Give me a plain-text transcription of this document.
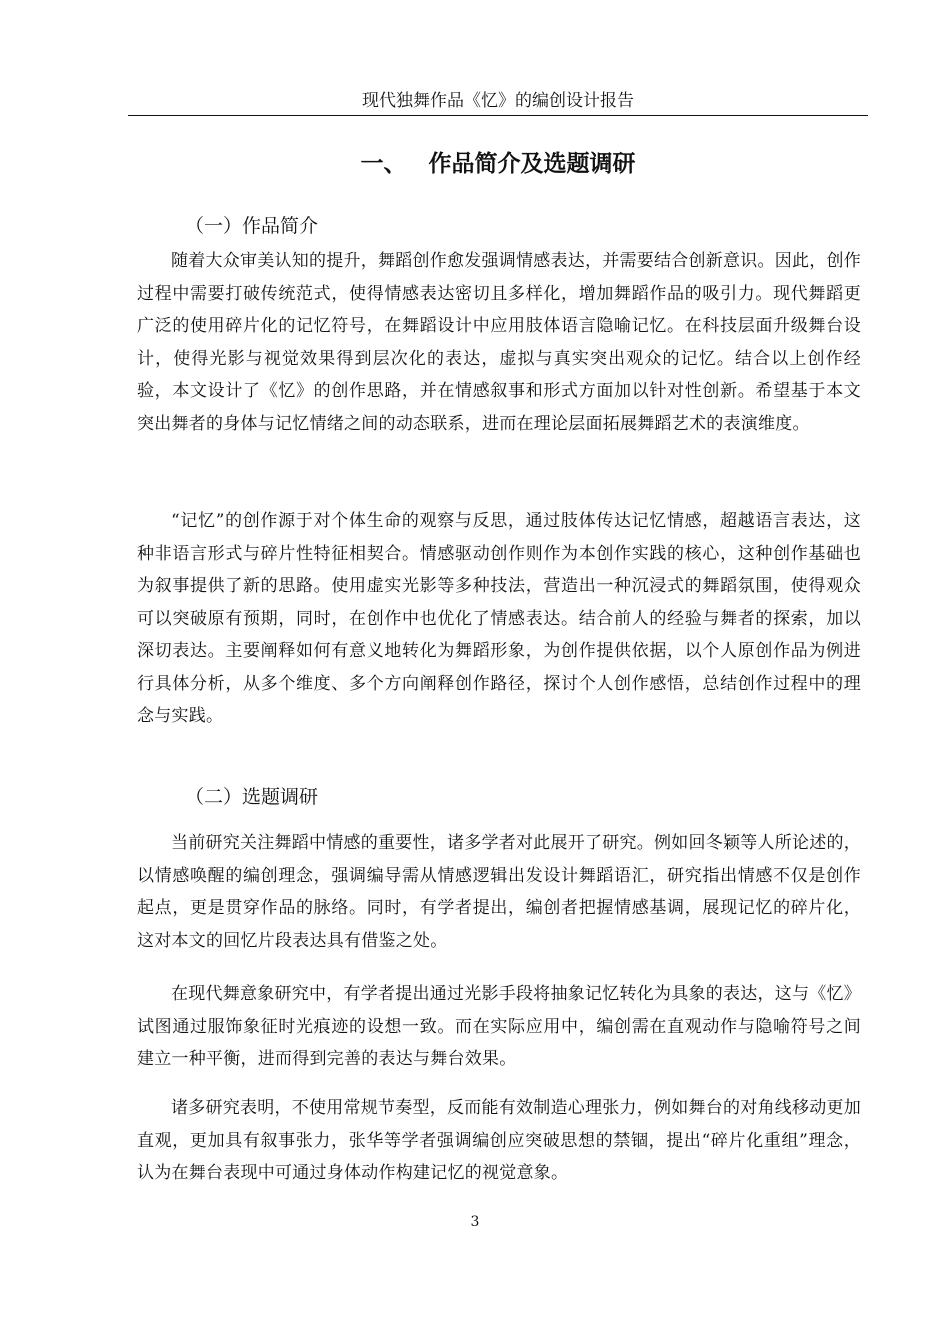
现代独舞作品《忆》的编创设计报告
一、 作品简介及选题调研
（一）作品简介

随着大众审美认知的提升，舞蹈创作愈发强调情感表达，并需要结合创新意识。因此，创作过程中需要打破传统范式，使得情感表达密切且多样化，增加舞蹈作品的吸引力。现代舞蹈更广泛的使用碎片化的记忆符号，在舞蹈设计中应用肢体语言隐喻记忆。在科技层面升级舞台设计，使得光影与视觉效果得到层次化的表达，虚拟与真实突出观众的记忆。结合以上创作经验，本文设计了《忆》的创作思路，并在情感叙事和形式方面加以针对性创新。希望基于本文突出舞者的身体与记忆情绪之间的动态联系，进而在理论层面拓展舞蹈艺术的表演维度。

“记忆”的创作源于对个体生命的观察与反思，通过肢体传达记忆情感，超越语言表达，这种非语言形式与碎片性特征相契合。情感驱动创作则作为本创作实践的核心，这种创作基础也为叙事提供了新的思路。使用虚实光影等多种技法，营造出一种沉浸式的舞蹈氛围，使得观众可以突破原有预期，同时，在创作中也优化了情感表达。结合前人的经验与舞者的探索，加以深切表达。主要阐释如何有意义地转化为舞蹈形象，为创作提供依据，以个人原创作品为例进行具体分析，从多个维度、多个方向阐释创作路径，探讨个人创作感悟，总结创作过程中的理念与实践。

（二）选题调研

当前研究关注舞蹈中情感的重要性，诸多学者对此展开了研究。例如回冬颖等人所论述的，以情感唤醒的编创理念，强调编导需从情感逻辑出发设计舞蹈语汇，研究指出情感不仅是创作起点，更是贯穿作品的脉络。同时，有学者提出，编创者把握情感基调，展现记忆的碎片化，这对本文的回忆片段表达具有借鉴之处。

在现代舞意象研究中，有学者提出通过光影手段将抽象记忆转化为具象的表达，这与《忆》试图通过服饰象征时光痕迹的设想一致。而在实际应用中，编创需在直观动作与隐喻符号之间建立一种平衡，进而得到完善的表达与舞台效果。

诸多研究表明，不使用常规节奏型，反而能有效制造心理张力，例如舞台的对角线移动更加直观，更加具有叙事张力，张华等学者强调编创应突破思想的禁锢，提出“碎片化重组”理念，认为在舞台表现中可通过身体动作构建记忆的视觉意象。

3
